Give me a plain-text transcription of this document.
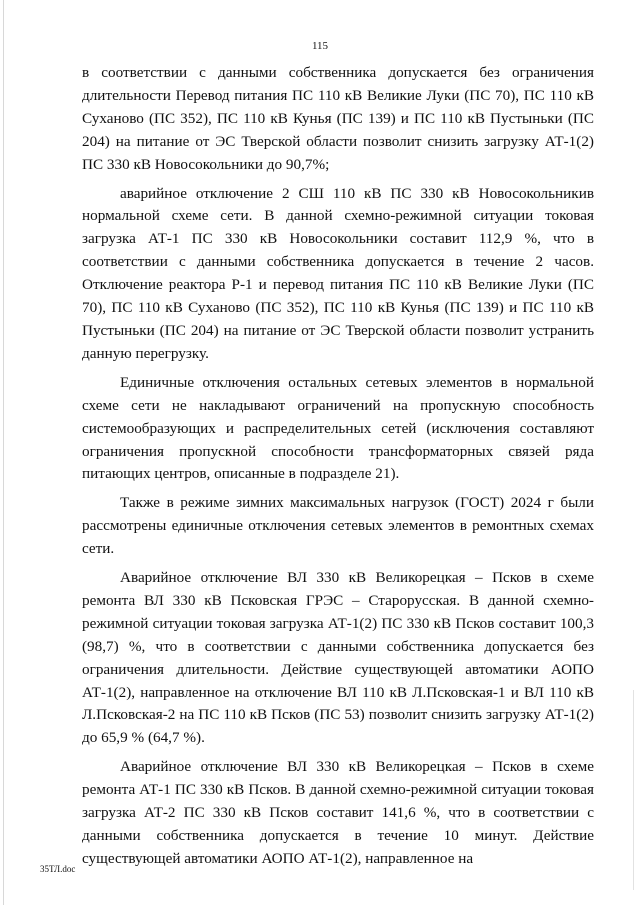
115

в соответствии с данными собственника допускается без ограничения длительности Перевод питания ПС 110 кВ Великие Луки (ПС 70), ПС 110 кВ Суханово (ПС 352), ПС 110 кВ Кунья (ПС 139) и ПС 110 кВ Пустыньки (ПС 204) на питание от ЭС Тверской области позволит снизить загрузку АТ-1(2) ПС 330 кВ Новосокольники до 90,7%;

аварийное отключение 2 СШ 110 кВ ПС 330 кВ Новосокольникив нормальной схеме сети. В данной схемно-режимной ситуации токовая загрузка АТ-1 ПС 330 кВ Новосокольники составит 112,9 %, что в соответствии с данными собственника допускается в течение 2 часов. Отключение реактора Р-1 и перевод питания ПС 110 кВ Великие Луки (ПС 70), ПС 110 кВ Суханово (ПС 352), ПС 110 кВ Кунья (ПС 139) и ПС 110 кВ Пустыньки (ПС 204) на питание от ЭС Тверской области позволит устранить данную перегрузку.

Единичные отключения остальных сетевых элементов в нормальной схеме сети не накладывают ограничений на пропускную способность системообразующих и распределительных сетей (исключения составляют ограничения пропускной способности трансформаторных связей ряда питающих центров, описанные в подразделе 21).

Также в режиме зимних максимальных нагрузок (ГОСТ) 2024 г были рассмотрены единичные отключения сетевых элементов в ремонтных схемах сети.

Аварийное отключение ВЛ 330 кВ Великорецкая – Псков в схеме ремонта ВЛ 330 кВ Псковская ГРЭС – Старорусская. В данной схемно-режимной ситуации токовая загрузка АТ-1(2) ПС 330 кВ Псков составит 100,3 (98,7) %, что в соответствии с данными собственника допускается без ограничения длительности. Действие существующей автоматики АОПО АТ-1(2), направленное на отключение ВЛ 110 кВ Л.Псковская-1 и ВЛ 110 кВ Л.Псковская-2 на ПС 110 кВ Псков (ПС 53) позволит снизить загрузку АТ-1(2) до 65,9 % (64,7 %).

Аварийное отключение ВЛ 330 кВ Великорецкая – Псков в схеме ремонта АТ-1 ПС 330 кВ Псков. В данной схемно-режимной ситуации токовая загрузка АТ-2 ПС 330 кВ Псков составит 141,6 %, что в соответствии с данными собственника допускается в течение 10 минут. Действие существующей автоматики АОПО АТ-1(2), направленное на

35ТЛ.doc
